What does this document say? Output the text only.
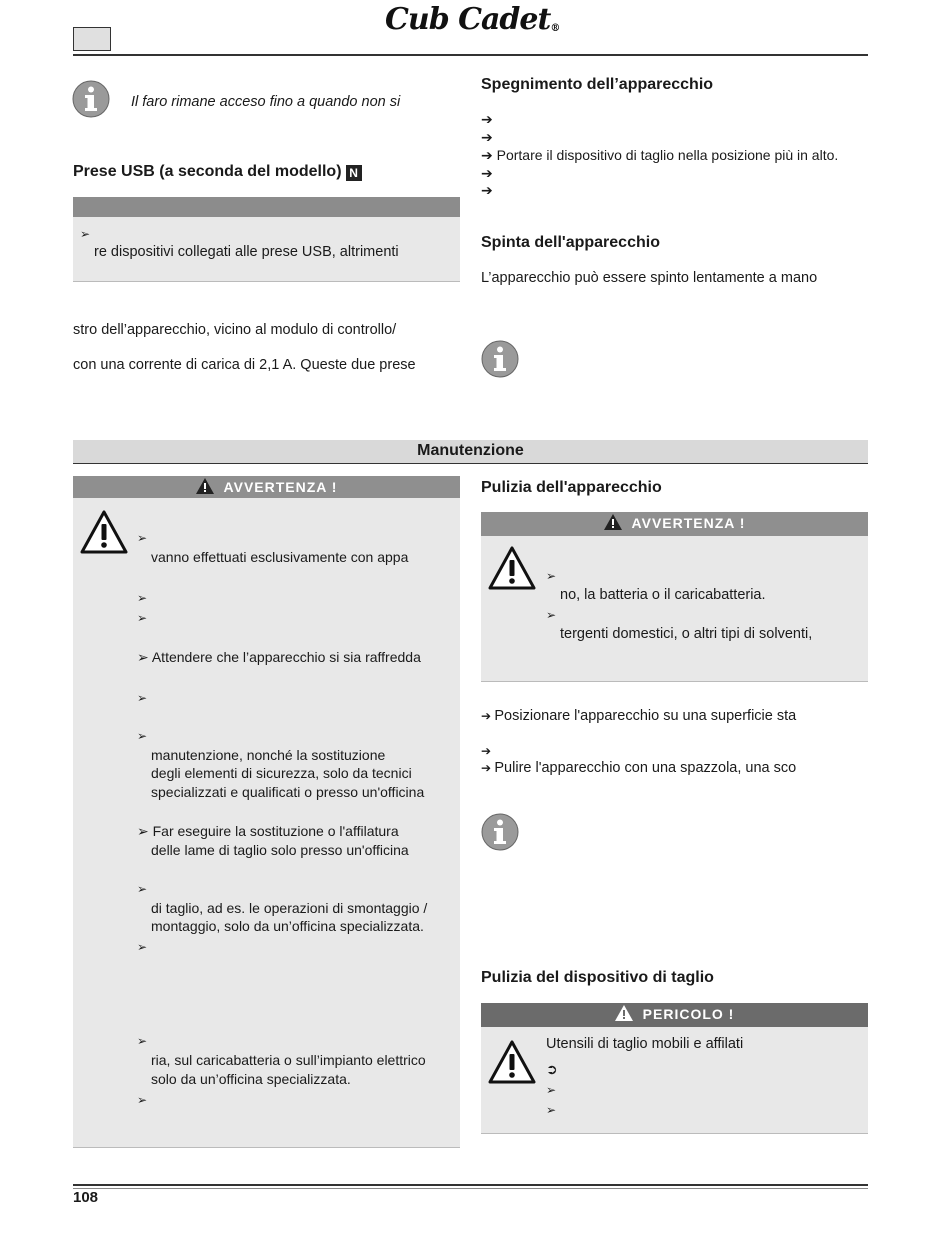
Cub Cadet®
Il faro rimane acceso fino a quando non si
Prese USB (a seconda del modello) N
➢
re dispositivi collegati alle prese USB, altrimenti
stro dell’apparecchio, vicino al modulo di controllo/
con una corrente di carica di 2,1 A. Queste due prese
Spegnimento dell’apparecchio
➔
➔
➔ Portare il dispositivo di taglio nella posizione più in alto.
➔
➔
Spinta dell'apparecchio
L’apparecchio può essere spinto lentamente a mano
Manutenzione
AVVERTENZA !
➢
vanno effettuati esclusivamente con appa
➢
➢
➢ Attendere che l’apparecchio si sia raffredda
➢
➢
manutenzione, nonché la sostituzione
degli elementi di sicurezza, solo da tecnici
specializzati e qualificati o presso un'officina
➢ Far eseguire la sostituzione o l'affilatura
delle lame di taglio solo presso un'officina
➢
di taglio, ad es. le operazioni di smontaggio /
montaggio, solo da un’officina specializzata.
➢
➢
ria, sul caricabatteria o sull’impianto elettrico
solo da un’officina specializzata.
➢
Pulizia dell'apparecchio
AVVERTENZA !
➢
no, la batteria o il caricabatteria.
➢
tergenti domestici, o altri tipi di solventi,
➔ Posizionare l'apparecchio su una superficie sta
➔
➔ Pulire l'apparecchio con una spazzola, una sco
Pulizia del dispositivo di taglio
PERICOLO !
Utensili di taglio mobili e affilati
➲
➢
➢
108
